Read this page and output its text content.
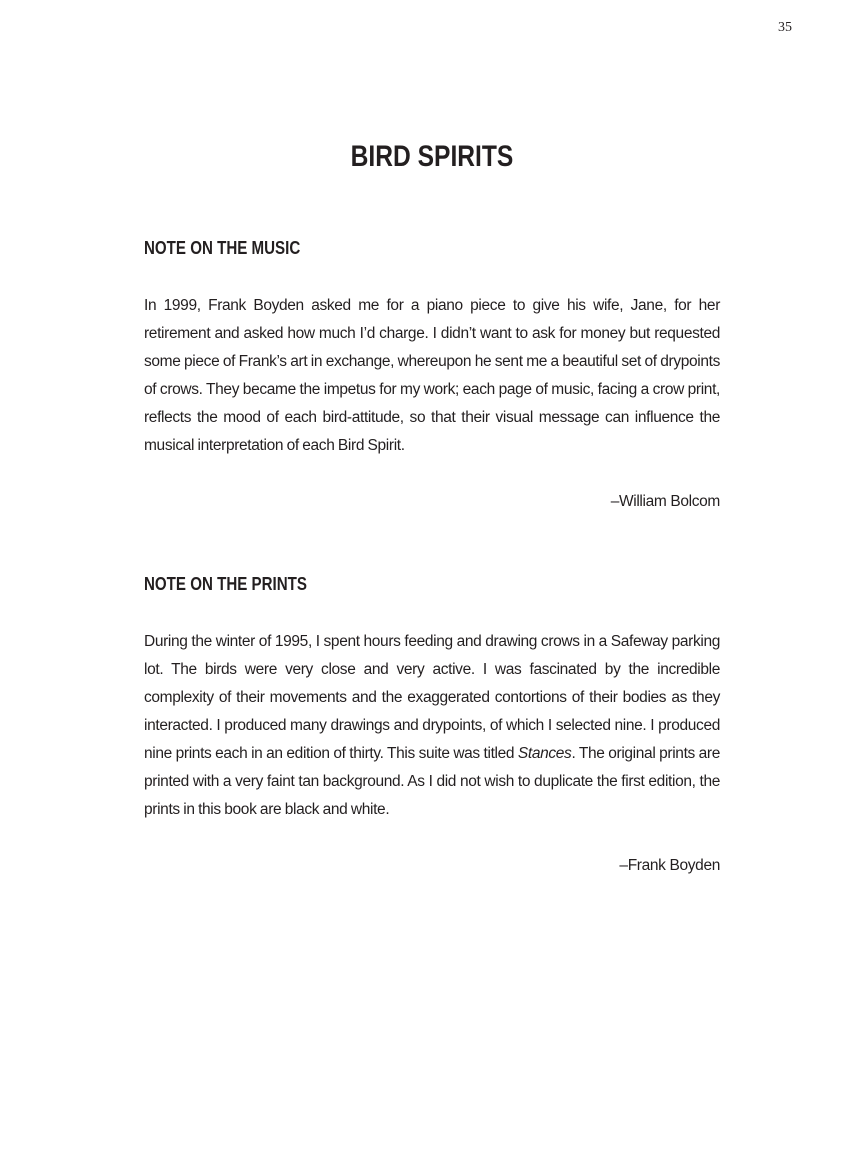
35
BIRD SPIRITS
NOTE ON THE MUSIC

In 1999, Frank Boyden asked me for a piano piece to give his wife, Jane, for her retirement and asked how much I’d charge. I didn’t want to ask for money but requested some piece of Frank’s art in exchange, whereupon he sent me a beautiful set of drypoints of crows. They became the impetus for my work; each page of music, facing a crow print, reflects the mood of each bird-attitude, so that their visual message can influence the musical interpretation of each Bird Spirit.

–William Bolcom

NOTE ON THE PRINTS

During the winter of 1995, I spent hours feeding and drawing crows in a Safeway parking lot. The birds were very close and very active. I was fascinated by the incredible complexity of their movements and the exaggerated contortions of their bodies as they interacted. I produced many drawings and drypoints, of which I selected nine. I produced nine prints each in an edition of thirty. This suite was titled Stances. The original prints are printed with a very faint tan background. As I did not wish to duplicate the first edition, the prints in this book are black and white.

–Frank Boyden
